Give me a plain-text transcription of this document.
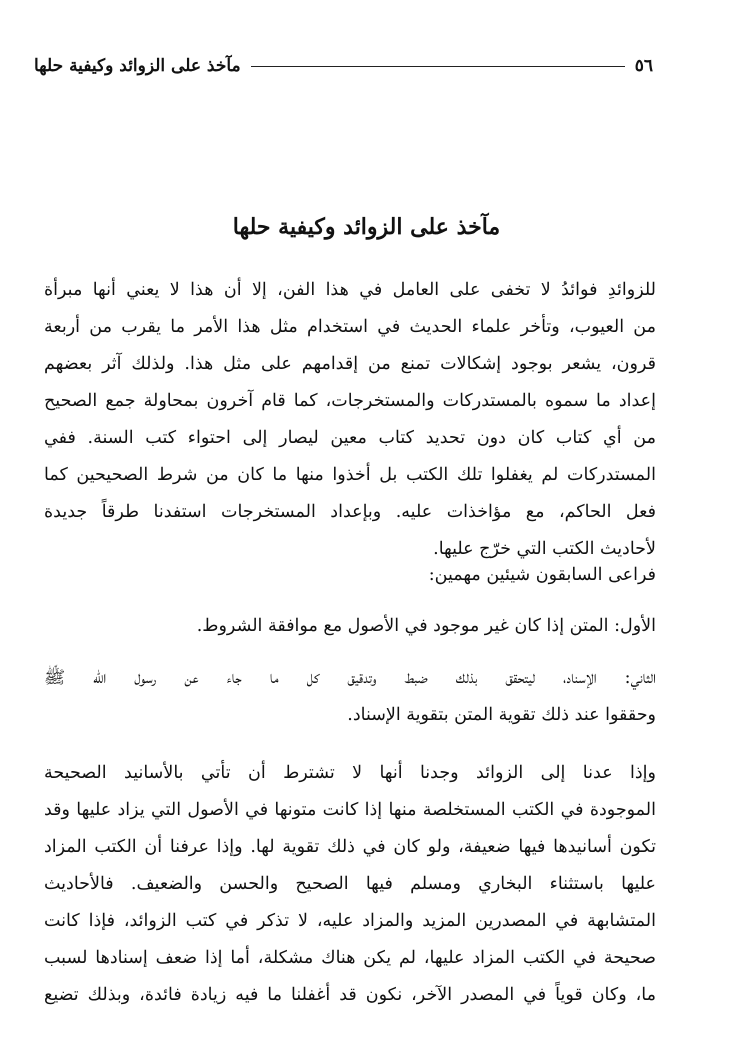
٥٦
مآخذ على الزوائد وكيفية حلها
مآخذ على الزوائد وكيفية حلها
للزوائدِ فوائدُ لا تخفى على العامل في هذا الفن، إلا أن هذا لا يعني أنها مبرأة
من العيوب، وتأخر علماء الحديث في استخدام مثل هذا الأمر ما يقرب من أربعة
قرون، يشعر بوجود إشكالات تمنع من إقدامهم على مثل هذا. ولذلك آثر بعضهم
إعداد ما سموه بالمستدركات والمستخرجات، كما قام آخرون بمحاولة جمع الصحيح
من أي كتاب كان دون تحديد كتاب معين ليصار إلى احتواء كتب السنة. ففي
المستدركات لم يغفلوا تلك الكتب بل أخذوا منها ما كان من شرط الصحيحين كما
فعل الحاكم، مع مؤاخذات عليه. وبإعداد المستخرجات استفدنا طرقاً جديدة
لأحاديث الكتب التي خرّج عليها.
فراعى السابقون شيئين مهمين:
الأول: المتن إذا كان غير موجود في الأصول مع موافقة الشروط.
الثاني: الإسناد، ليتحقق بذلك ضبط وتدقيق كل ما جاء عن رسول الله ﷺ
وحققوا عند ذلك تقوية المتن بتقوية الإسناد.
وإذا عدنا إلى الزوائد وجدنا أنها لا تشترط أن تأتي بالأسانيد الصحيحة
الموجودة في الكتب المستخلصة منها إذا كانت متونها في الأصول التي يزاد عليها وقد
تكون أسانيدها فيها ضعيفة، ولو كان في ذلك تقوية لها. وإذا عرفنا أن الكتب المزاد
عليها باستثناء البخاري ومسلم فيها الصحيح والحسن والضعيف. فالأحاديث
المتشابهة في المصدرين المزيد والمزاد عليه، لا تذكر في كتب الزوائد، فإذا كانت
صحيحة في الكتب المزاد عليها، لم يكن هناك مشكلة، أما إذا ضعف إسنادها لسبب
ما، وكان قوياً في المصدر الآخر، نكون قد أغفلنا ما فيه زيادة فائدة، وبذلك تضيع
